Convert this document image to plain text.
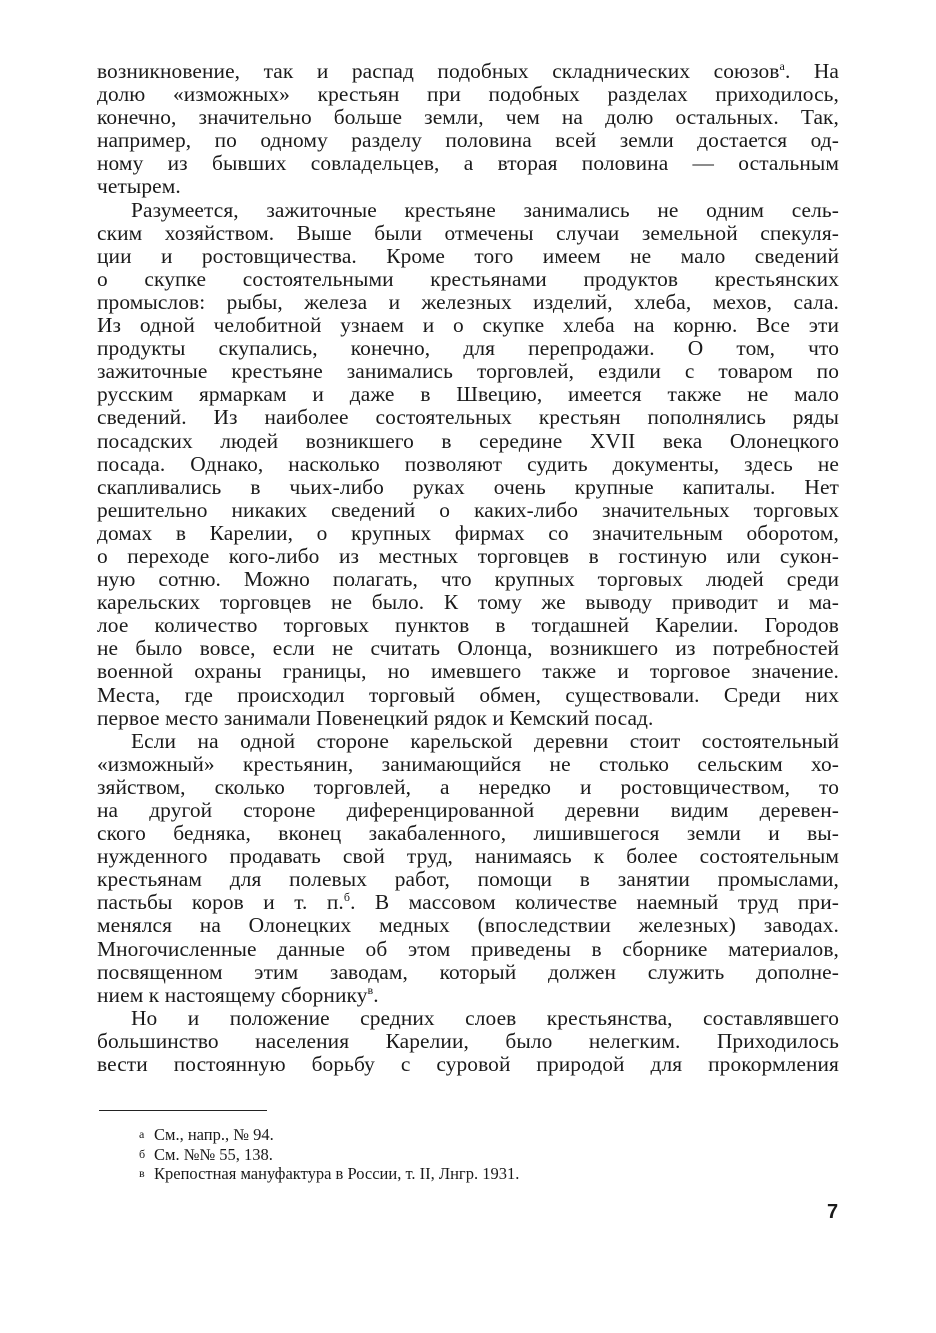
возникновение, так и распад подобных складнических союзов$^а$. На
долю «изможных» крестьян при подобных разделах приходилось,
конечно, значительно больше земли, чем на долю остальных. Так,
например, по одному разделу половина всей земли достается од-
ному из бывших совладельцев, а вторая половина — остальным
четырем.

Разумеется, зажиточные крестьяне занимались не одним сель-
ским хозяйством. Выше были отмечены случаи земельной спекуля-
ции и ростовщичества. Кроме того имеем не мало сведений
о скупке состоятельными крестьянами продуктов крестьянских
промыслов: рыбы, железа и железных изделий, хлеба, мехов, сала.
Из одной челобитной узнаем и о скупке хлеба на корню. Все эти
продукты скупались, конечно, для перепродажи. О том, что
зажиточные крестьяне занимались торговлей, ездили с товаром по
русским ярмаркам и даже в Швецию, имеется также не мало
сведений. Из наиболее состоятельных крестьян пополнялись ряды
посадских людей возникшего в середине XVII века Олонецкого
посада. Однако, насколько позволяют судить документы, здесь не
скапливались в чьих-либо руках очень крупные капиталы. Нет
решительно никаких сведений о каких-либо значительных торговых
домах в Карелии, о крупных фирмах со значительным оборотом,
о переходе кого-либо из местных торговцев в гостиную или сукон-
ную сотню. Можно полагать, что крупных торговых людей среди
карельских торговцев не было. К тому же выводу приводит и ма-
лое количество торговых пунктов в тогдашней Карелии. Городов
не было вовсе, если не считать Олонца, возникшего из потребностей
военной охраны границы, но имевшего также и торговое значение.
Места, где происходил торговый обмен, существовали. Среди них
первое место занимали Повенецкий рядок и Кемский посад.

Если на одной стороне карельской деревни стоит состоятельный
«изможный» крестьянин, занимающийся не столько сельским хо-
зяйством, сколько торговлей, а нередко и ростовщичеством, то
на другой стороне диференцированной деревни видим деревен-
ского бедняка, вконец закабаленного, лишившегося земли и вы-
нужденного продавать свой труд, нанимаясь к более состоятельным
крестьянам для полевых работ, помощи в занятии промыслами,
пастьбы коров и т. п.$^б$. В массовом количестве наемный труд при-
менялся на Олонецких медных (впоследствии железных) заводах.
Многочисленные данные об этом приведены в сборнике материалов,
посвященном этим заводам, который должен служить дополне-
нием к настоящему сборнику$^в$.

Но и положение средних слоев крестьянства, составлявшего
большинство населения Карелии, было нелегким. Приходилось
вести постоянную борьбу с суровой природой для прокормления

а См., напр., № 94.

б См. №№ 55, 138.

в Крепостная мануфактура в России, т. II, Лнгр. 1931.

7
